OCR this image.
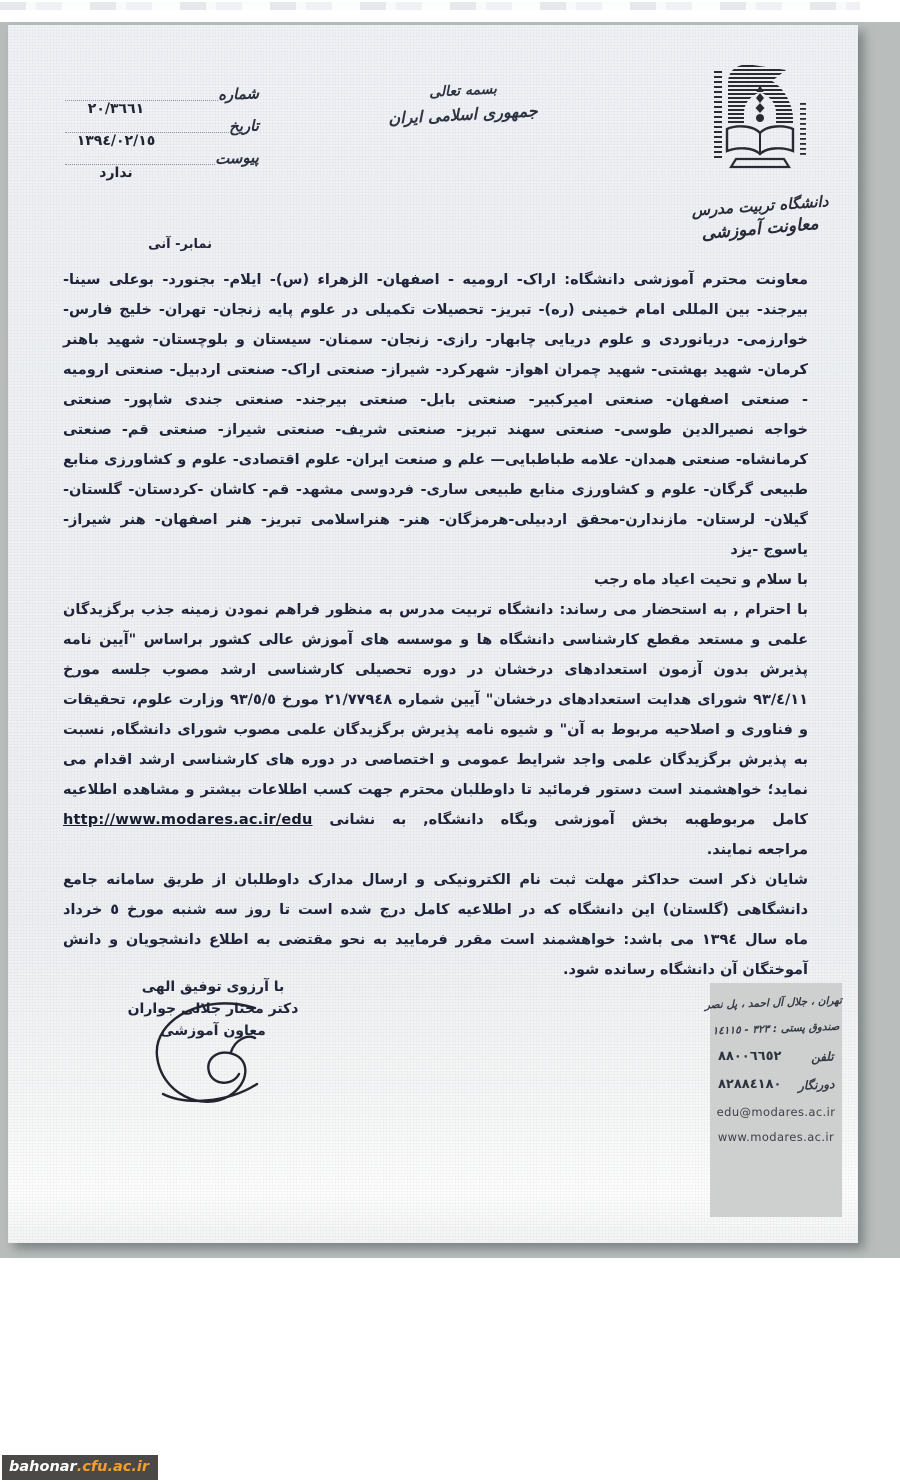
شماره
٢٠/٣٦٦١
تاریخ
١٣٩٤/٠٢/١٥
پیوست
ندارد
بسمه تعالی
جمهوری اسلامی ایران
دانشگاه تربیت مدرس
معاونت آموزشی
نمابر- آنی
معاونت محترم آموزشی دانشگاه: اراک- ارومیه - اصفهان- الزهراء (س)- ایلام- بجنورد- بوعلی سینا-
بیرجند- بین المللی امام خمینی (ره)- تبریز- تحصیلات تکمیلی در علوم پایه زنجان- تهران- خلیج فارس-
خوارزمی- دریانوردی و علوم دریایی چابهار- رازی- زنجان- سمنان- سیستان و بلوچستان- شهید باهنر
کرمان- شهید بهشتی- شهید چمران اهواز- شهرکرد- شیراز- صنعتی اراک- صنعتی اردبیل- صنعتی ارومیه
- صنعتی اصفهان- صنعتی امیرکبیر- صنعتی بابل- صنعتی بیرجند- صنعتی جندی شاپور- صنعتی
خواجه نصیرالدین طوسی- صنعتی سهند تبریز- صنعتی شریف- صنعتی شیراز- صنعتی قم- صنعتی
کرمانشاه- صنعتی همدان- علامه طباطبایی— علم و صنعت ایران- علوم اقتصادی- علوم و کشاورزی منابع
طبیعی گرگان- علوم و کشاورزی منابع طبیعی ساری- فردوسی مشهد- قم- کاشان -کردستان- گلستان-
گیلان- لرستان- مازندارن-محقق اردبیلی-هرمزگان- هنر- هنراسلامی تبریز- هنر اصفهان- هنر شیراز-
یاسوج -یزد
با سلام و تحیت اعیاد ماه رجب
با احترام , به استحضار می رساند: دانشگاه تربیت مدرس به منظور فراهم نمودن زمینه جذب برگزیدگان
علمی و مستعد مقطع کارشناسی دانشگاه ها و موسسه های آموزش عالی کشور براساس "آیین نامه
پذیرش بدون آزمون استعدادهای درخشان در دوره تحصیلی کارشناسی ارشد مصوب جلسه مورخ
٩٣/٤/١١ شورای هدایت استعدادهای درخشان" آیین شماره ٢١/٧٧٩٤٨ مورخ ٩٣/٥/٥ وزارت علوم، تحقیقات
و فناوری و اصلاحیه مربوط به آن" و شیوه نامه پذیرش برگزیدگان علمی مصوب شورای دانشگاه, نسبت
به پذیرش برگزیدگان علمی واجد شرایط عمومی و اختصاصی در دوره های کارشناسی ارشد اقدام می
نماید؛ خواهشمند است دستور فرمائید تا داوطلبان محترم جهت کسب اطلاعات بیشتر و مشاهده اطلاعیه
کامل مربوطهبه بخش آموزشی وبگاه دانشگاه, به نشانی http://www.modares.ac.ir/edu
مراجعه نمایند.
شایان ذکر است حداکثر مهلت ثبت نام الکترونیکی و ارسال مدارک داوطلبان از طریق سامانه جامع
دانشگاهی (گلستان) این دانشگاه که در اطلاعیه کامل درج شده است تا روز سه شنبه مورخ ٥ خرداد
ماه سال ١٣٩٤ می باشد: خواهشمند است مقرر فرمایید به نحو مقتضی به اطلاع دانشجویان و دانش
آموختگان آن دانشگاه رسانده شود.
با آرزوی توفیق الهی
دکتر مختار جلالی جواران
معاون آموزشی
تهران ، جلال آل احمد ، پل نصر
صندوق پستی : ٣٢٣ - ١٤١١٥
تلفن
٨٨٠٠٦٦٥٢
دورنگار
٨٢٨٨٤١٨٠
edu@modares.ac.ir
www.modares.ac.ir
bahonar .cfu.ac.ir
